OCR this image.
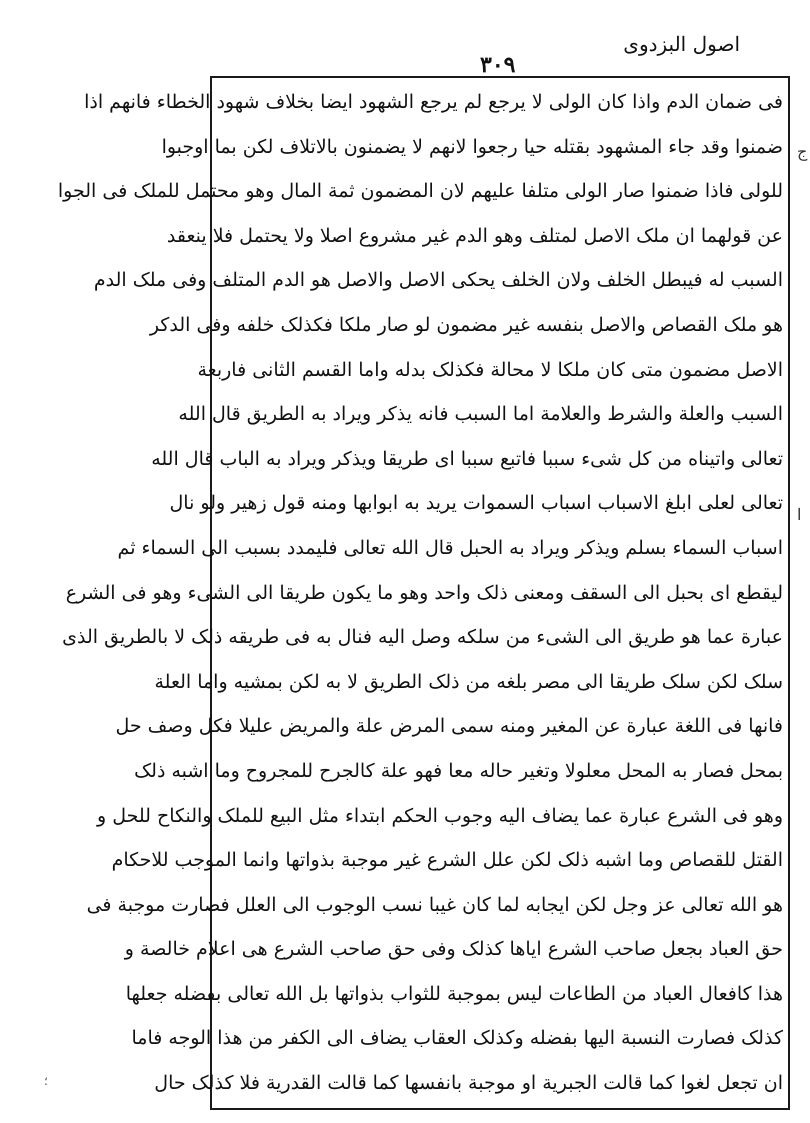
اصول البزدوی
۳۰۹
فی ضمان الدم واذا کان الولی لا یرجع لم یرجع الشهود ایضا بخلاف شهود الخطاء فانهم اذا
ضمنوا وقد جاء المشهود بقتله حیا رجعوا لانهم لا یضمنون بالاتلاف لکن بما اوجبوا
للولی فاذا ضمنوا صار الولی متلفا علیهم لان المضمون ثمة المال وهو محتمل للملک فی الجوا
عن قولهما ان ملک الاصل لمتلف وهو الدم غیر مشروع اصلا ولا یحتمل فلا ینعقد
السبب له فیبطل الخلف ولان الخلف یحکی الاصل والاصل هو الدم المتلف وفی ملک الدم
هو ملک القصاص والاصل بنفسه غیر مضمون لو صار ملکا فکذلک خلفه وفی الدکر
الاصل مضمون متی کان ملکا لا محالة فکذلک بدله واما القسم الثانی فاربعة
السبب والعلة والشرط والعلامة اما السبب فانه یذکر ویراد به الطریق قال الله
تعالی واتیناه من کل شیء سببا فاتبع سببا ای طریقا ویذکر ویراد به الباب قال الله
تعالی لعلی ابلغ الاسباب اسباب السموات یرید به ابوابها ومنه قول زهیر ولو نال
اسباب السماء بسلم ویذکر ویراد به الحبل قال الله تعالی فلیمدد بسبب الی السماء ثم
لیقطع ای بحبل الی السقف ومعنی ذلک واحد وهو ما یکون طریقا الی الشیء وهو فی الشرع
عبارة عما هو طریق الی الشیء من سلکه وصل الیه فنال به فی طریقه ذلک لا بالطریق الذی
سلک لکن سلک طریقا الی مصر بلغه من ذلک الطریق لا به لکن بمشیه واما العلة
فانها فی اللغة عبارة عن المغیر ومنه سمی المرض علة والمریض علیلا فکل وصف حل
بمحل فصار به المحل معلولا وتغیر حاله معا فهو علة کالجرح للمجروح وما اشبه ذلک
وهو فی الشرع عبارة عما یضاف الیه وجوب الحکم ابتداء مثل البیع للملک والنکاح للحل و
القتل للقصاص وما اشبه ذلک لکن علل الشرع غیر موجبة بذواتها وانما الموجب للاحکام
هو الله تعالی عز وجل لکن ایجابه لما کان غیبا نسب الوجوب الی العلل فصارت موجبة فی
حق العباد بجعل صاحب الشرع ایاها کذلک وفی حق صاحب الشرع هی اعلام خالصة و
هذا کافعال العباد من الطاعات لیس بموجبة للثواب بذواتها بل الله تعالی بفضله جعلها
کذلک فصارت النسبة الیها بفضله وکذلک العقاب یضاف الی الکفر من هذا الوجه فاما
ان تجعل لغوا کما قالت الجبریة او موجبة بانفسها کما قالت القدریة فلا کذلک حال
ج
ا
؛
